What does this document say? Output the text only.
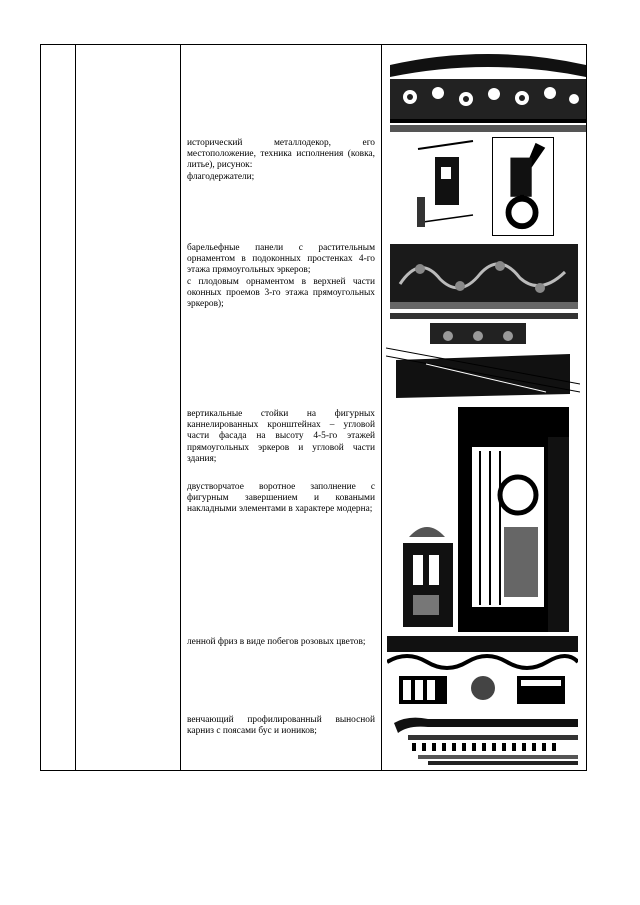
исторический металлодекор, его местоположение, техника исполнения (ковка, литье), рисунок:

флагодержатели;

барельефные панели с растительным орнаментом в подоконных простенках 4-го этажа прямоугольных эркеров;

с плодовым орнаментом в верхней части оконных проемов 3-го этажа прямоугольных эркеров);

вертикальные стойки на фигурных каннелированных кронштейнах – угловой части фасада на высоту 4-5-го этажей прямоугольных эркеров и угловой части здания;

двустворчатое воротное заполнение с фигурным завершением и коваными накладными элементами в характере модерна;

ленной фриз в виде побегов розовых цветов;

венчающий профилированный выносной карниз с поясами бус и иоников;
